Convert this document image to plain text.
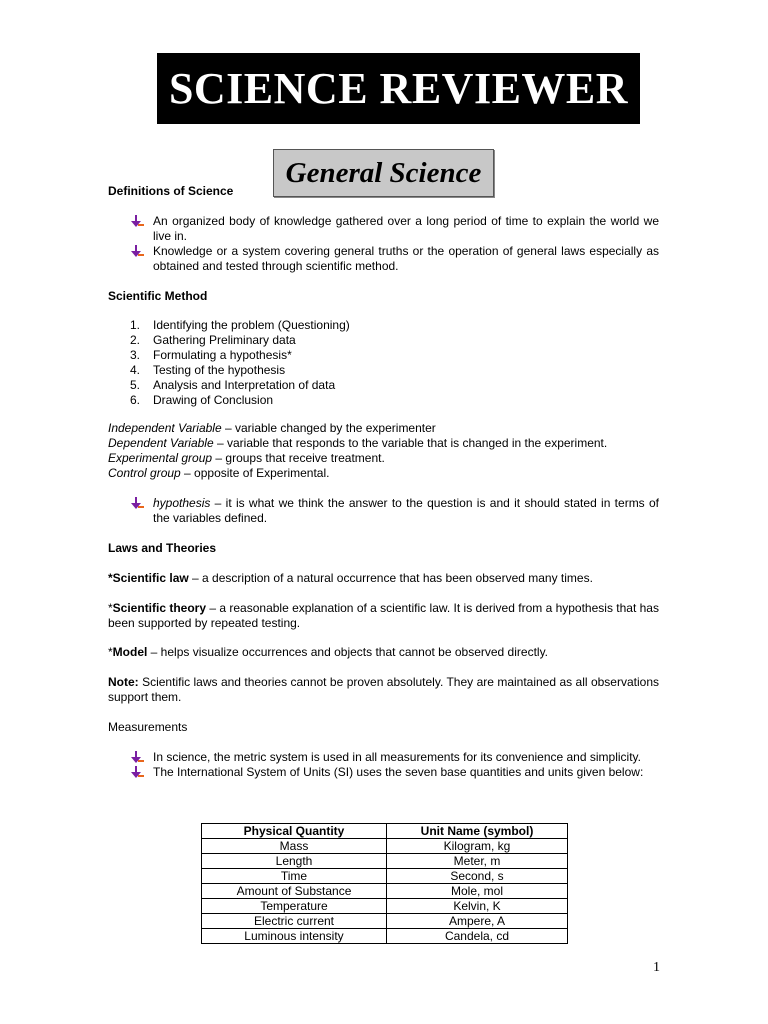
SCIENCE REVIEWER
General Science
Definitions of Science
An organized body of knowledge gathered over a long period of time to explain the world we live in.
Knowledge or a system covering general truths or the operation of general laws especially as obtained and tested through scientific method.
Scientific Method
1. Identifying the problem (Questioning)
2. Gathering Preliminary data
3. Formulating a hypothesis*
4. Testing of the hypothesis
5. Analysis and Interpretation of data
6. Drawing of Conclusion
Independent Variable – variable changed by the experimenter
Dependent Variable – variable that responds to the variable that is changed in the experiment.
Experimental group – groups that receive treatment.
Control group – opposite of Experimental.
hypothesis – it is what we think the answer to the question is and it should stated in terms of the variables defined.
Laws and Theories
*Scientific law – a description of a natural occurrence that has been observed many times.
*Scientific theory – a reasonable explanation of a scientific law. It is derived from a hypothesis that has been supported by repeated testing.
*Model – helps visualize occurrences and objects that cannot be observed directly.
Note: Scientific laws and theories cannot be proven absolutely. They are maintained as all observations support them.
Measurements
In science, the metric system is used in all measurements for its convenience and simplicity.
The International System of Units (SI) uses the seven base quantities and units given below:
Physical Quantity	Unit Name (symbol)
Mass	Kilogram, kg
Length	Meter, m
Time	Second, s
Amount of Substance	Mole, mol
Temperature	Kelvin, K
Electric current	Ampere, A
Luminous intensity	Candela, cd
1
